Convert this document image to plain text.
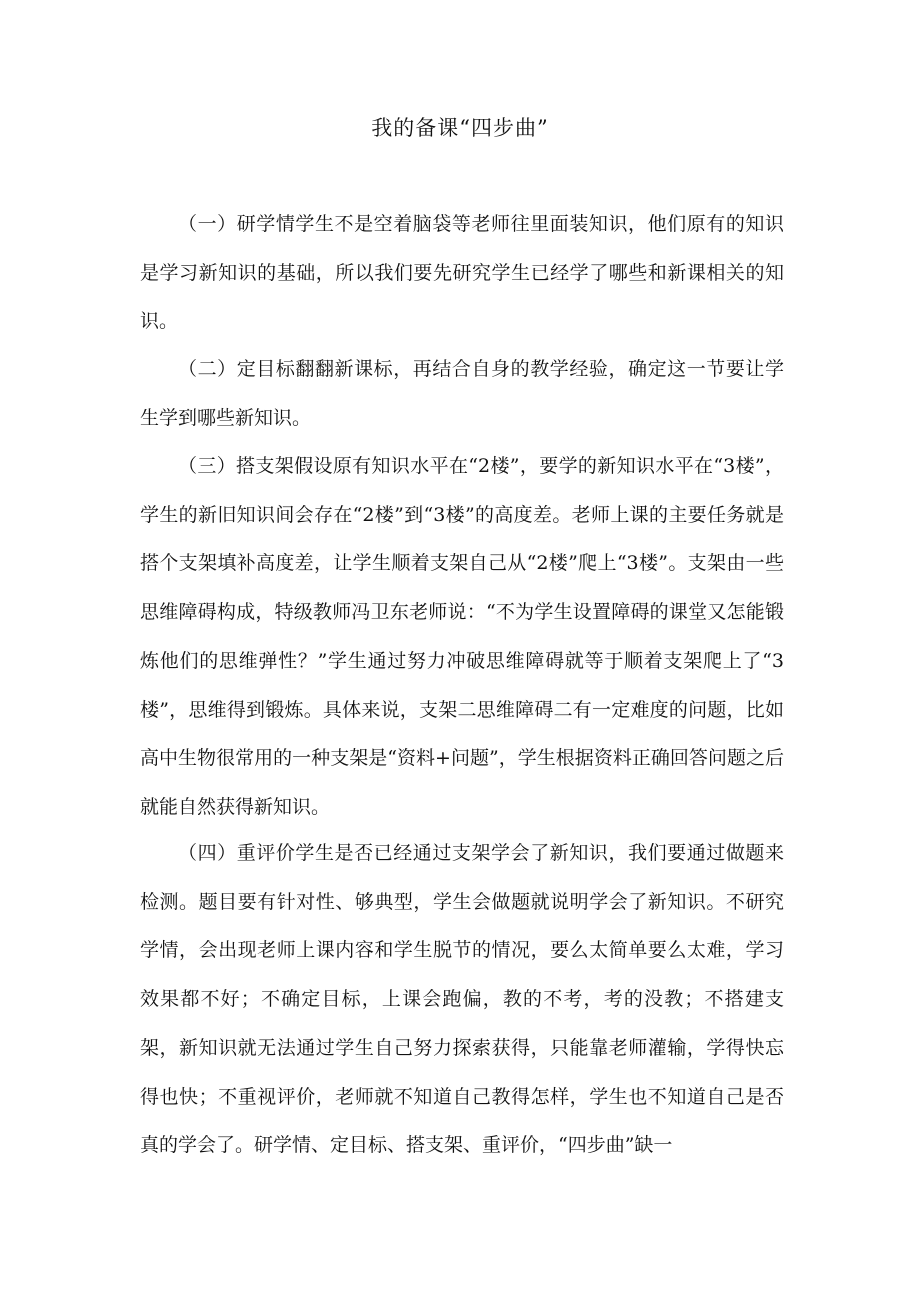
我的备课“四步曲”

（一）研学情学生不是空着脑袋等老师往里面装知识，他们原有的知识是学习新知识的基础，所以我们要先研究学生已经学了哪些和新课相关的知识。

（二）定目标翻翻新课标，再结合自身的教学经验，确定这一节要让学生学到哪些新知识。

（三）搭支架假设原有知识水平在“2楼”，要学的新知识水平在“3楼”，学生的新旧知识间会存在“2楼”到“3楼”的高度差。老师上课的主要任务就是搭个支架填补高度差，让学生顺着支架自己从“2楼”爬上“3楼”。支架由一些思维障碍构成，特级教师冯卫东老师说：“不为学生设置障碍的课堂又怎能锻炼他们的思维弹性？”学生通过努力冲破思维障碍就等于顺着支架爬上了“3楼”，思维得到锻炼。具体来说，支架二思维障碍二有一定难度的问题，比如高中生物很常用的一种支架是“资料+问题”，学生根据资料正确回答问题之后就能自然获得新知识。

（四）重评价学生是否已经通过支架学会了新知识，我们要通过做题来检测。题目要有针对性、够典型，学生会做题就说明学会了新知识。不研究学情，会出现老师上课内容和学生脱节的情况，要么太简单要么太难，学习效果都不好；不确定目标，上课会跑偏，教的不考，考的没教；不搭建支架，新知识就无法通过学生自己努力探索获得，只能靠老师灌输，学得快忘得也快；不重视评价，老师就不知道自己教得怎样，学生也不知道自己是否真的学会了。研学情、定目标、搭支架、重评价，“四步曲”缺一
